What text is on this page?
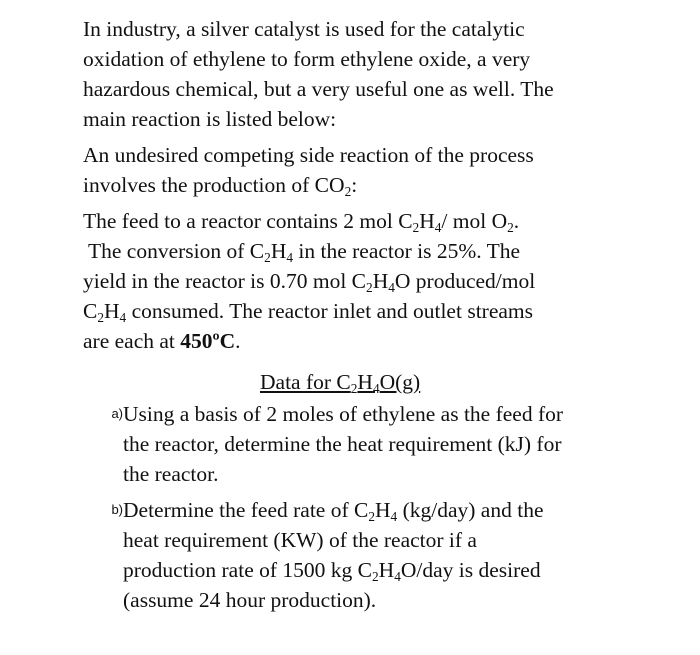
In industry, a silver catalyst is used for the catalytic
oxidation of ethylene to form ethylene oxide, a very
hazardous chemical, but a very useful one as well. The
main reaction is listed below:

An undesired competing side reaction of the process
involves the production of $CO_2$:

The feed to a reactor contains 2 mol $C_2H_4/$ mol $O_2$.
The conversion of $C_2H_4$ in the reactor is 25%. The
yield in the reactor is 0.70 mol $C_2H_4O$ produced/mol
$C_2H_4$ consumed. The reactor inlet and outlet streams
are each at 450ºC.

Data for $C_2H_4O(g)$
a) Using a basis of 2 moles of ethylene as the feed for
the reactor, determine the heat requirement (kJ) for
the reactor.
b) Determine the feed rate of $C_2H_4$ (kg/day) and the
heat requirement (KW) of the reactor if a
production rate of 1500 kg $C_2H_4O$/day is desired
(assume 24 hour production).
